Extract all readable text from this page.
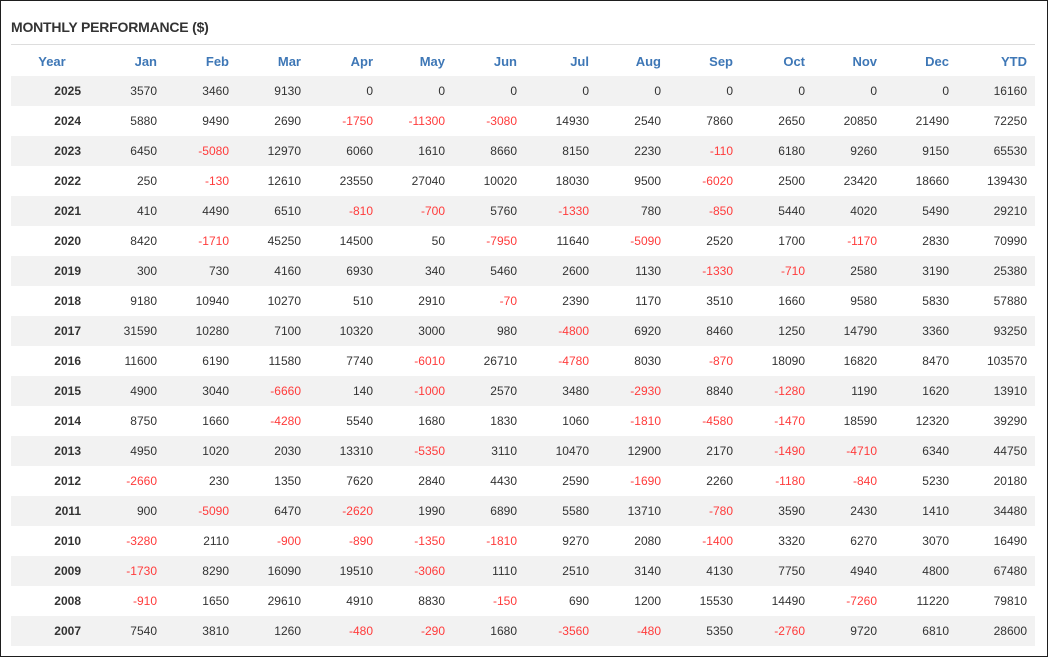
MONTHLY PERFORMANCE ($)
Year	Jan	Feb	Mar	Apr	May	Jun	Jul	Aug	Sep	Oct	Nov	Dec	YTD
2025	3570	3460	9130	0	0	0	0	0	0	0	0	0	16160
2024	5880	9490	2690	-1750	-11300	-3080	14930	2540	7860	2650	20850	21490	72250
2023	6450	-5080	12970	6060	1610	8660	8150	2230	-110	6180	9260	9150	65530
2022	250	-130	12610	23550	27040	10020	18030	9500	-6020	2500	23420	18660	139430
2021	410	4490	6510	-810	-700	5760	-1330	780	-850	5440	4020	5490	29210
2020	8420	-1710	45250	14500	50	-7950	11640	-5090	2520	1700	-1170	2830	70990
2019	300	730	4160	6930	340	5460	2600	1130	-1330	-710	2580	3190	25380
2018	9180	10940	10270	510	2910	-70	2390	1170	3510	1660	9580	5830	57880
2017	31590	10280	7100	10320	3000	980	-4800	6920	8460	1250	14790	3360	93250
2016	11600	6190	11580	7740	-6010	26710	-4780	8030	-870	18090	16820	8470	103570
2015	4900	3040	-6660	140	-1000	2570	3480	-2930	8840	-1280	1190	1620	13910
2014	8750	1660	-4280	5540	1680	1830	1060	-1810	-4580	-1470	18590	12320	39290
2013	4950	1020	2030	13310	-5350	3110	10470	12900	2170	-1490	-4710	6340	44750
2012	-2660	230	1350	7620	2840	4430	2590	-1690	2260	-1180	-840	5230	20180
2011	900	-5090	6470	-2620	1990	6890	5580	13710	-780	3590	2430	1410	34480
2010	-3280	2110	-900	-890	-1350	-1810	9270	2080	-1400	3320	6270	3070	16490
2009	-1730	8290	16090	19510	-3060	1110	2510	3140	4130	7750	4940	4800	67480
2008	-910	1650	29610	4910	8830	-150	690	1200	15530	14490	-7260	11220	79810
2007	7540	3810	1260	-480	-290	1680	-3560	-480	5350	-2760	9720	6810	28600
